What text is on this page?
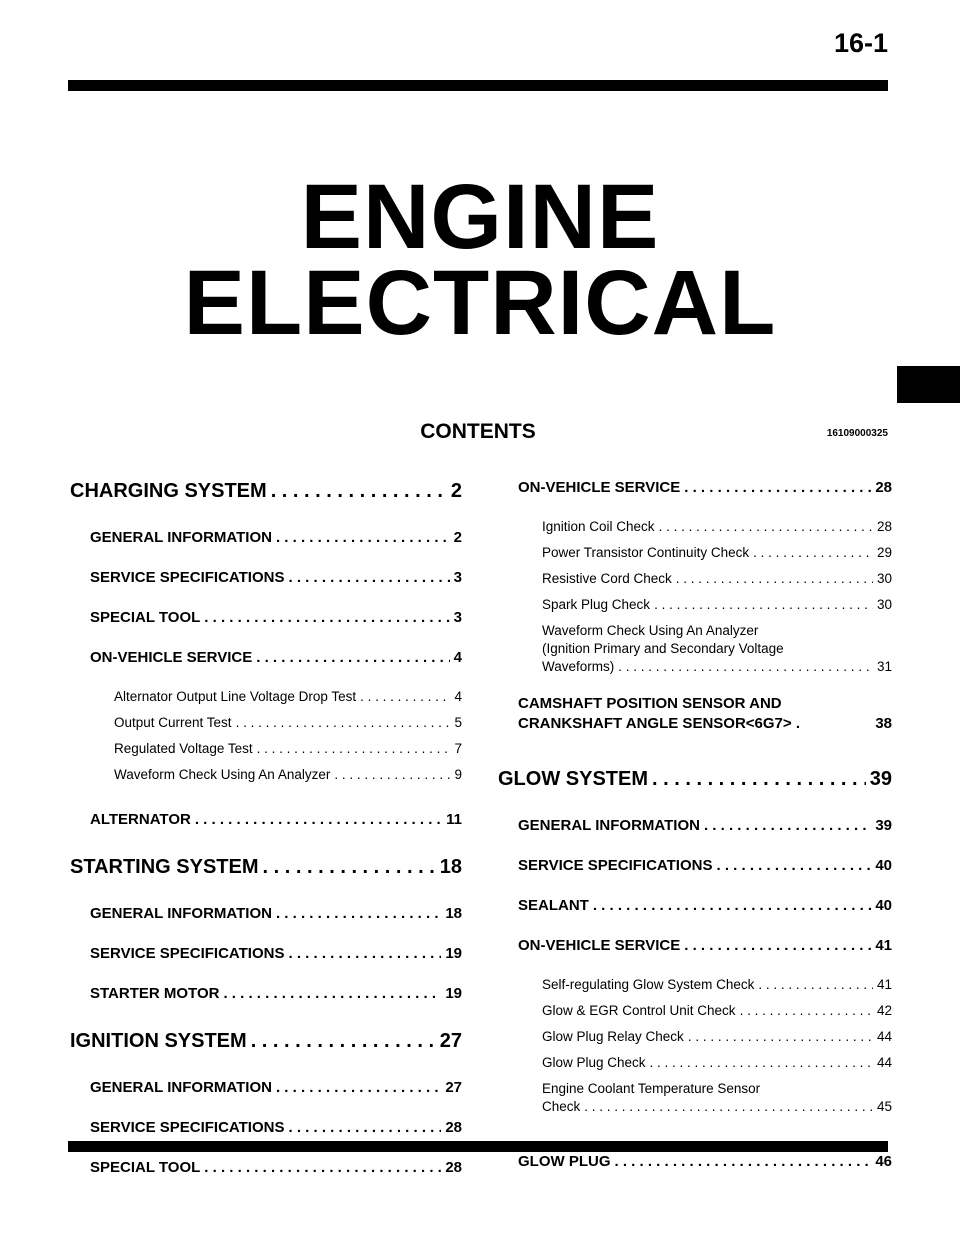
16-1
ENGINE
ELECTRICAL
CONTENTS	16109000325
CHARGING SYSTEM . . .	2
GENERAL INFORMATION . . .	2
SERVICE SPECIFICATIONS . . .	3
SPECIAL TOOL . . .	3
ON-VEHICLE SERVICE . . .	4
Alternator Output Line Voltage Drop Test . . .	4
Output Current Test . . .	5
Regulated Voltage Test . . .	7
Waveform Check Using An Analyzer . . .	9
ALTERNATOR . . .	11
STARTING SYSTEM . . .	18
GENERAL INFORMATION . . .	18
SERVICE SPECIFICATIONS . . .	19
STARTER MOTOR . . .	19
IGNITION SYSTEM . . .	27
GENERAL INFORMATION . . .	27
SERVICE SPECIFICATIONS . . .	28
SPECIAL TOOL . . .	28
ON-VEHICLE SERVICE . . .	28
Ignition Coil Check . . .	28
Power Transistor Continuity Check . . .	29
Resistive Cord Check . . .	30
Spark Plug Check . . .	30
Waveform Check Using An Analyzer
(Ignition Primary and Secondary Voltage
Waveforms) . . .	31
CAMSHAFT POSITION SENSOR AND
CRANKSHAFT ANGLE SENSOR<6G7> .	38
GLOW SYSTEM . . .	39
GENERAL INFORMATION . . .	39
SERVICE SPECIFICATIONS . . .	40
SEALANT . . .	40
ON-VEHICLE SERVICE . . .	41
Self-regulating Glow System Check . . .	41
Glow & EGR Control Unit Check . . .	42
Glow Plug Relay Check . . .	44
Glow Plug Check . . .	44
Engine Coolant Temperature Sensor
Check . . .	45
GLOW PLUG . . .	46
